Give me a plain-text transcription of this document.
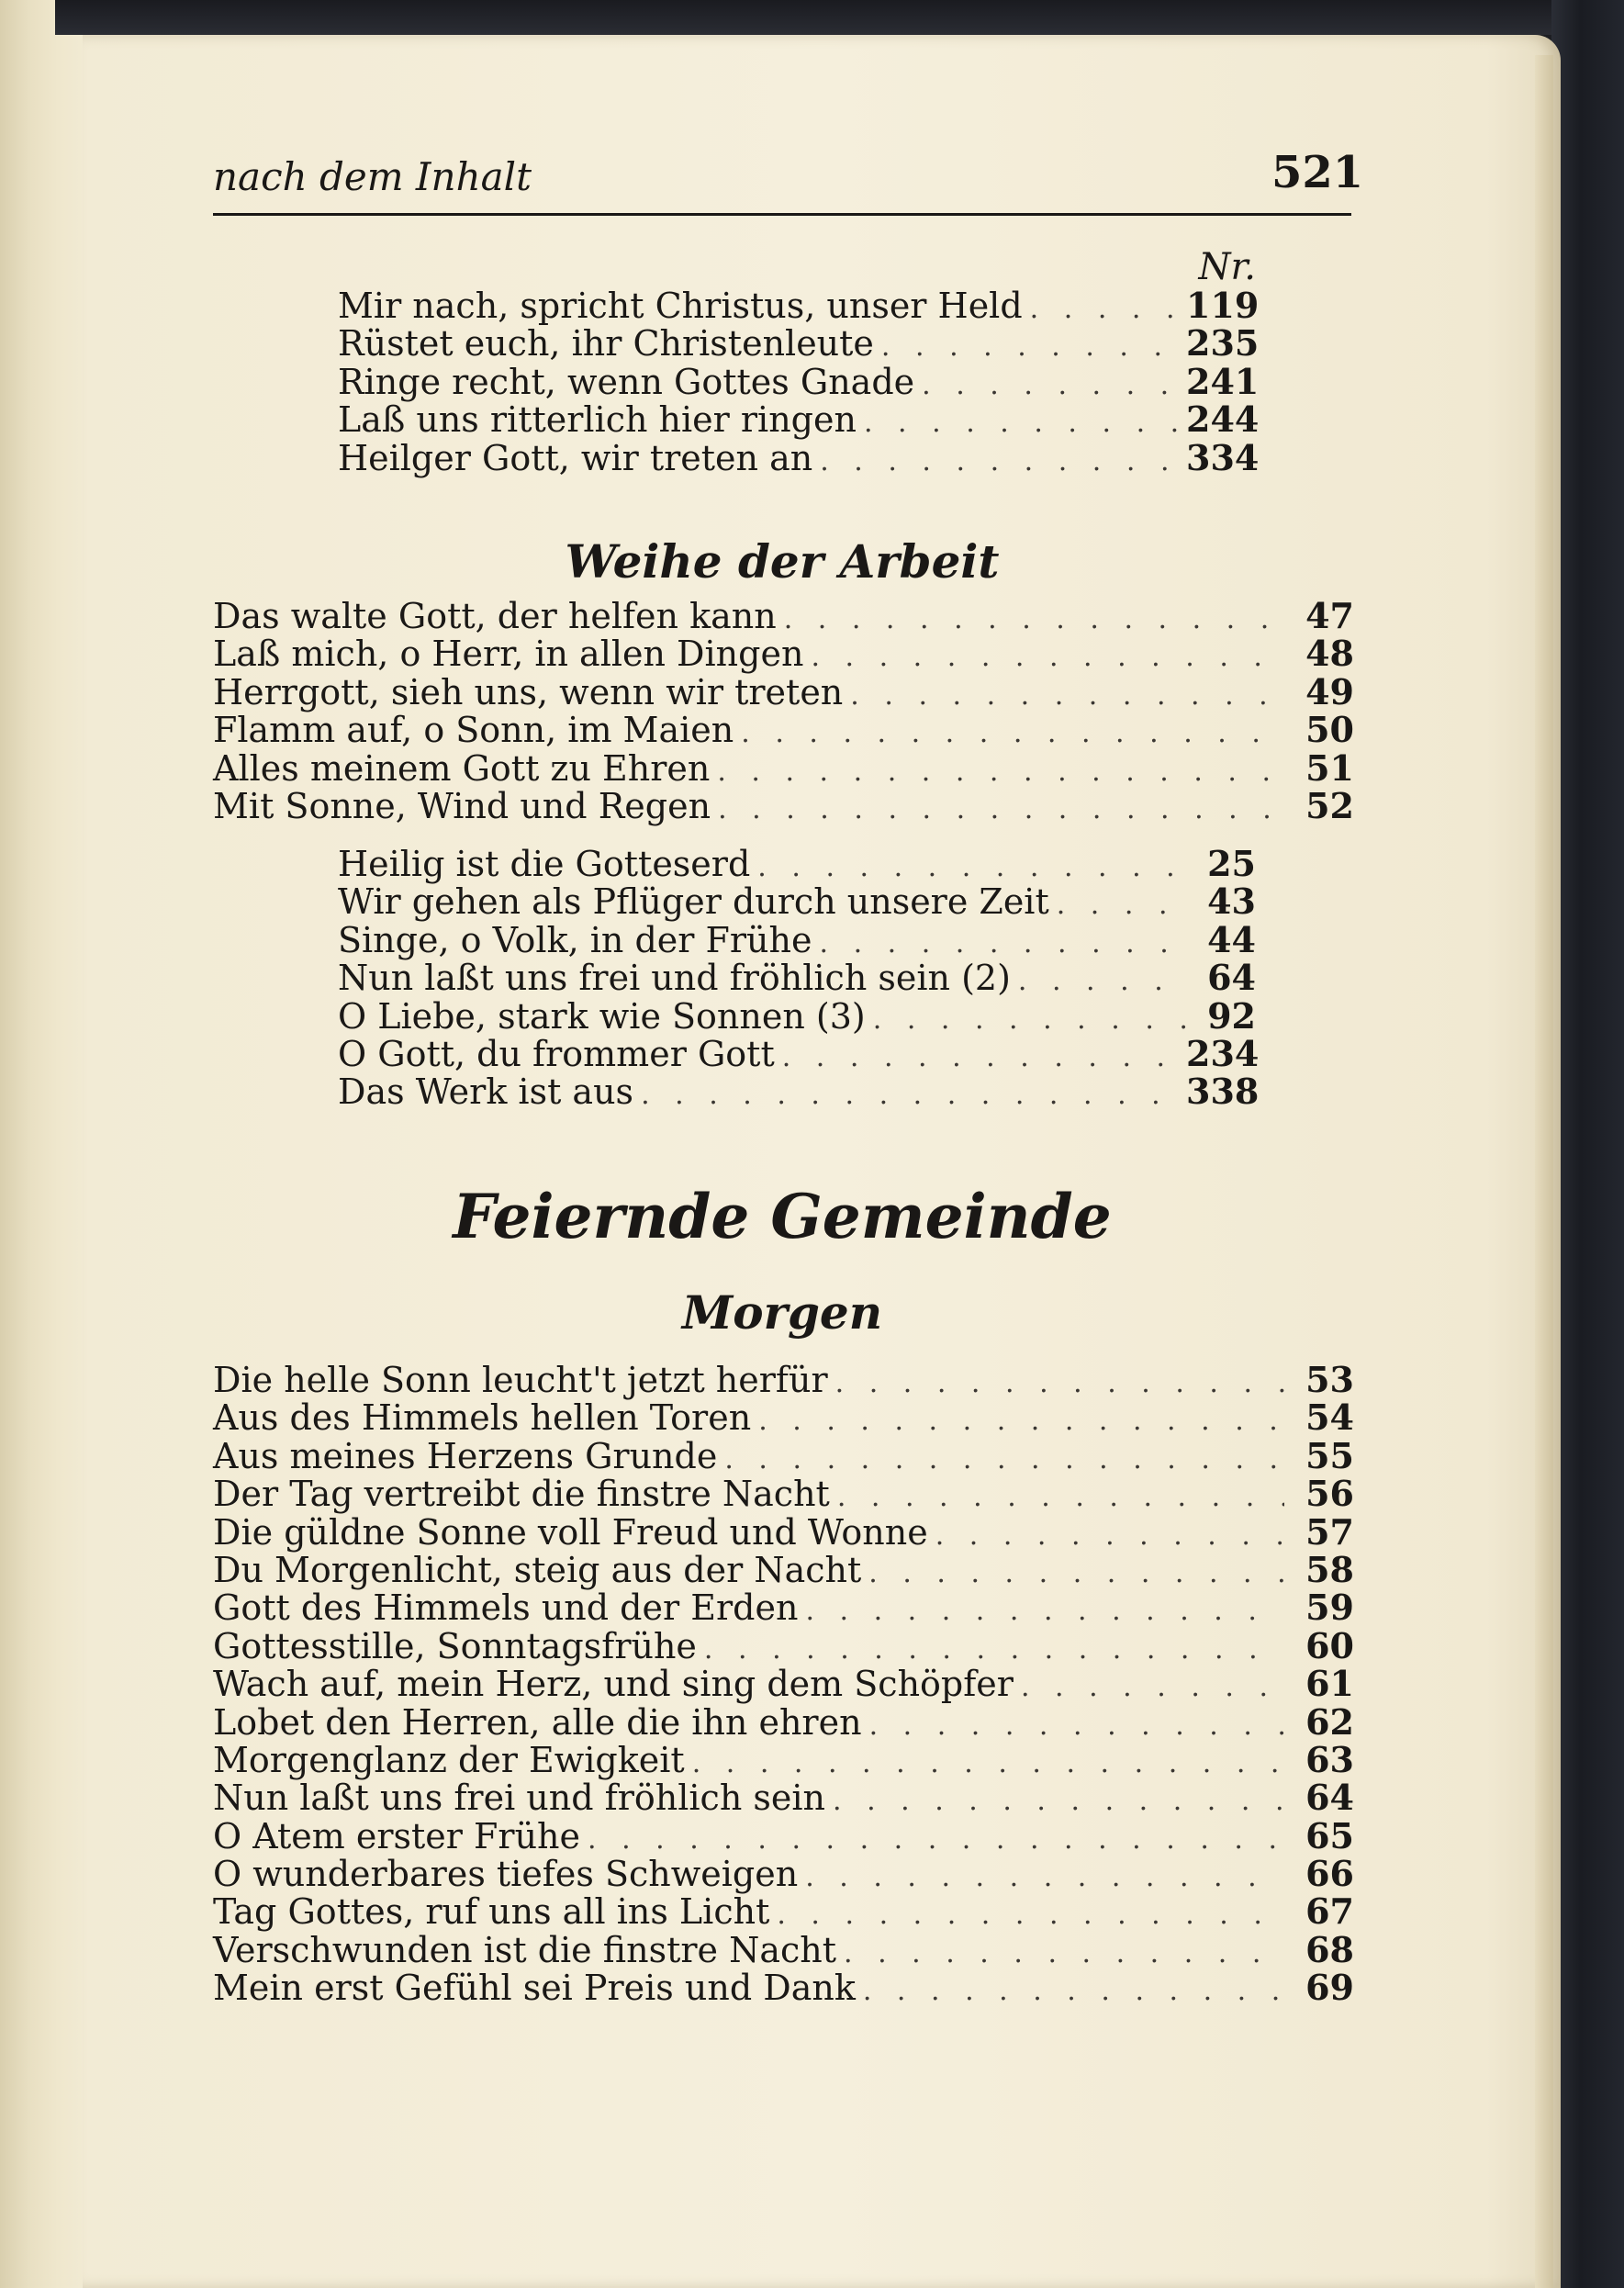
nach dem Inhalt	521
Nr.
Mir nach, spricht Christus, unser Held . . .	119
Rüstet euch, ihr Christenleute . . .	235
Ringe recht, wenn Gottes Gnade . . .	241
Laß uns ritterlich hier ringen . . .	244
Heilger Gott, wir treten an . . .	334
Weihe der Arbeit
Das walte Gott, der helfen kann . . .	47
Laß mich, o Herr, in allen Dingen . . .	48
Herrgott, sieh uns, wenn wir treten . . .	49
Flamm auf, o Sonn, im Maien . . .	50
Alles meinem Gott zu Ehren . . .	51
Mit Sonne, Wind und Regen . . .	52
Heilig ist die Gotteserd . . .	25
Wir gehen als Pflüger durch unsere Zeit . . .	43
Singe, o Volk, in der Frühe . . .	44
Nun laßt uns frei und fröhlich sein (2) . . .	64
O Liebe, stark wie Sonnen (3) . . .	92
O Gott, du frommer Gott . . .	234
Das Werk ist aus . . .	338
Feiernde Gemeinde
Morgen
Die helle Sonn leucht't jetzt herfür . . .	53
Aus des Himmels hellen Toren . . .	54
Aus meines Herzens Grunde . . .	55
Der Tag vertreibt die finstre Nacht . . .	56
Die güldne Sonne voll Freud und Wonne . . .	57
Du Morgenlicht, steig aus der Nacht . . .	58
Gott des Himmels und der Erden . . .	59
Gottesstille, Sonntagsfrühe . . .	60
Wach auf, mein Herz, und sing dem Schöpfer . . .	61
Lobet den Herren, alle die ihn ehren . . .	62
Morgenglanz der Ewigkeit . . .	63
Nun laßt uns frei und fröhlich sein . . .	64
O Atem erster Frühe . . .	65
O wunderbares tiefes Schweigen . . .	66
Tag Gottes, ruf uns all ins Licht . . .	67
Verschwunden ist die finstre Nacht . . .	68
Mein erst Gefühl sei Preis und Dank . . .	69
